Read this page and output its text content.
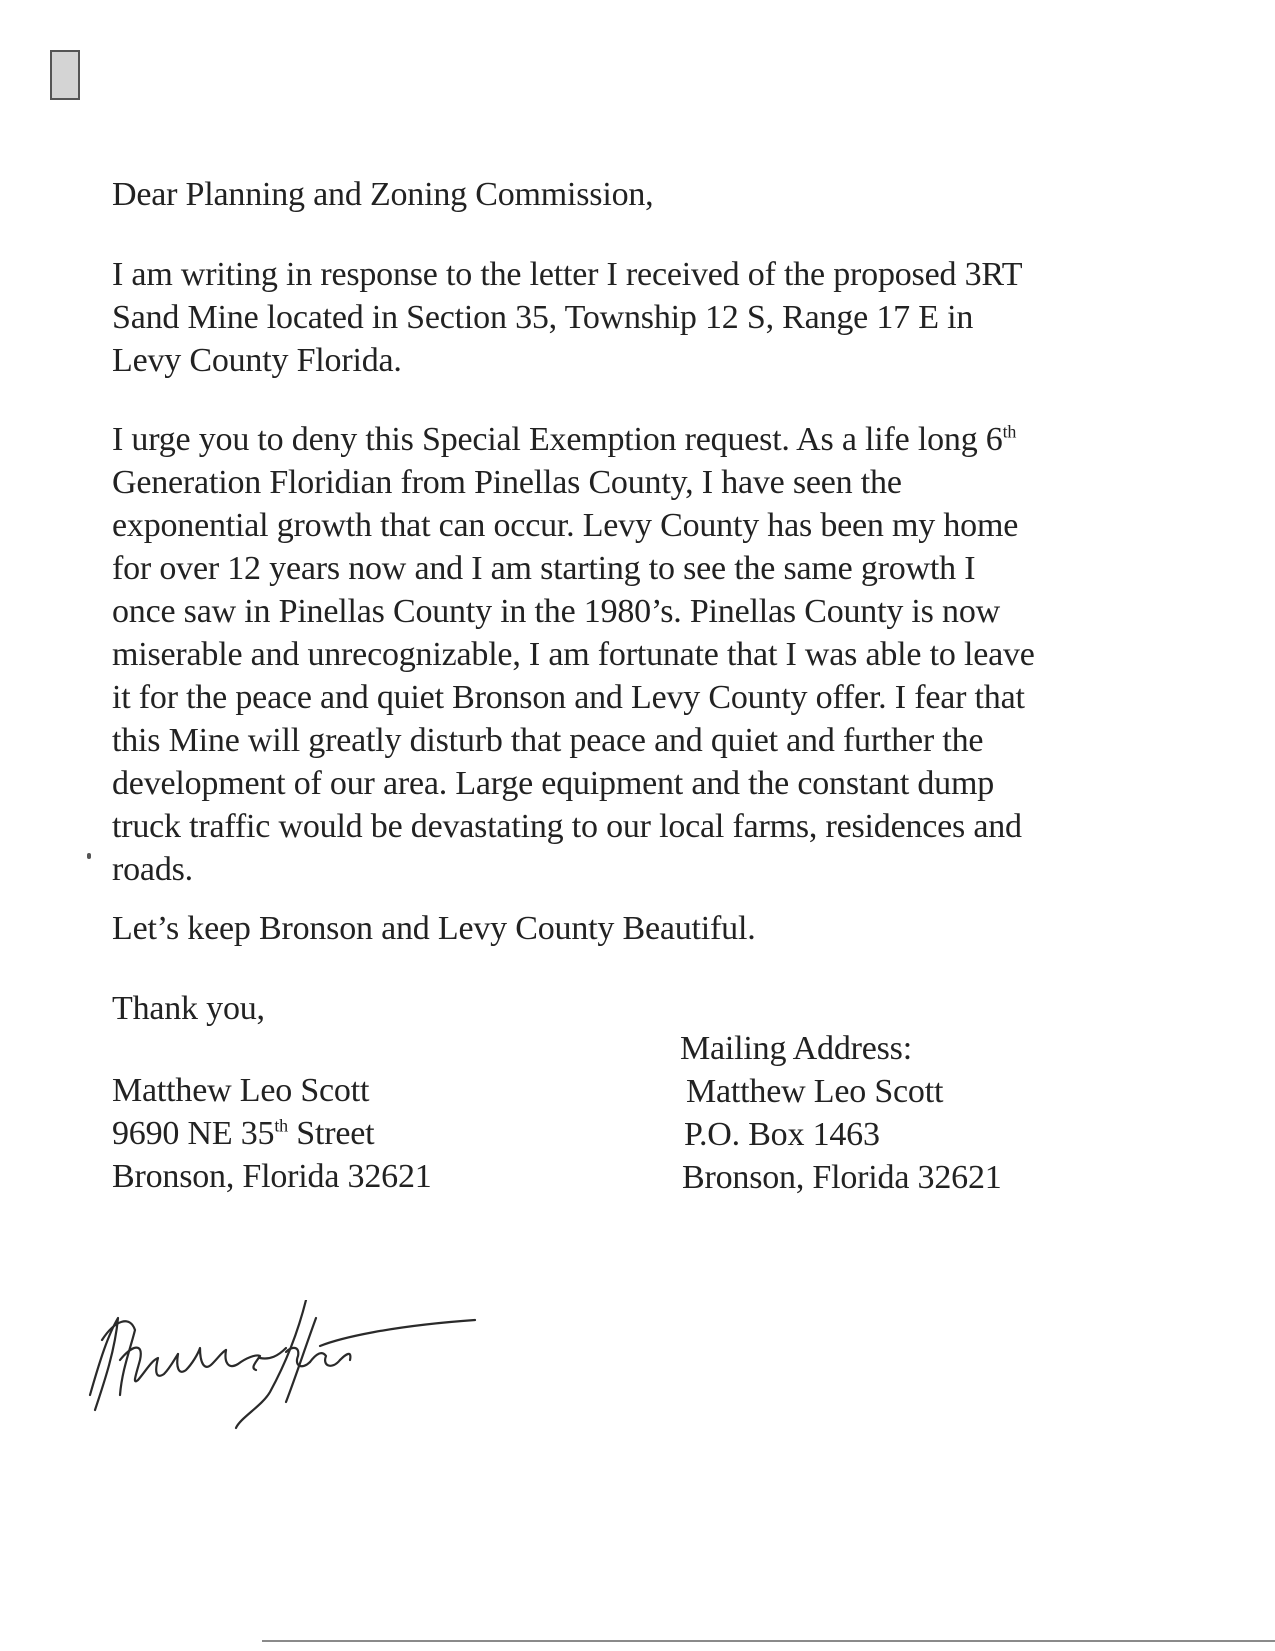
Dear Planning and Zoning Commission,

I am writing in response to the letter I received of the proposed 3RT

Sand Mine located in Section 35, Township 12 S, Range 17 E in

Levy County Florida.

I urge you to deny this Special Exemption request. As a life long 6th

Generation Floridian from Pinellas County, I have seen the

exponential growth that can occur. Levy County has been my home

for over 12 years now and I am starting to see the same growth I

once saw in Pinellas County in the 1980’s. Pinellas County is now

miserable and unrecognizable, I am fortunate that I was able to leave

it for the peace and quiet Bronson and Levy County offer. I fear that

this Mine will greatly disturb that peace and quiet and further the

development of our area. Large equipment and the constant dump

truck traffic would be devastating to our local farms, residences and

roads.

Let’s keep Bronson and Levy County Beautiful.

Thank you,

Matthew Leo Scott

9690 NE 35th Street

Bronson, Florida 32621

Mailing Address:

Matthew Leo Scott

P.O. Box 1463

Bronson, Florida 32621
